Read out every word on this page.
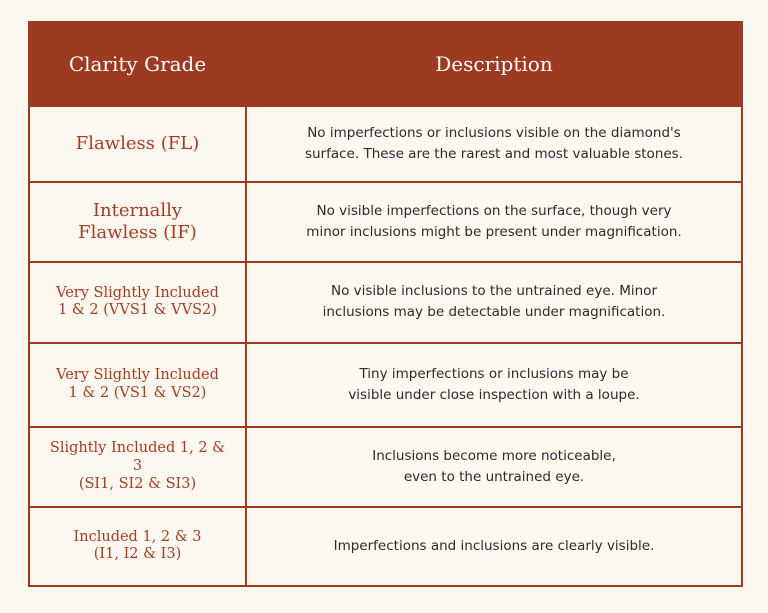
Clarity Grade	Description

Flawless (FL)	No imperfections or inclusions visible on the diamond's
surface. These are the rarest and most valuable stones.

Internally
Flawless (IF)	No visible imperfections on the surface, though very
minor inclusions might be present under magnification.

Very Slightly Included
1 & 2 (VVS1 & VVS2)	No visible inclusions to the untrained eye. Minor
inclusions may be detectable under magnification.

Very Slightly Included
1 & 2 (VS1 & VS2)	Tiny imperfections or inclusions may be
visible under close inspection with a loupe.

Slightly Included 1, 2 & 3
(SI1, SI2 & SI3)	Inclusions become more noticeable,
even to the untrained eye.

Included 1, 2 & 3
(I1, I2 & I3)	Imperfections and inclusions are clearly visible.
